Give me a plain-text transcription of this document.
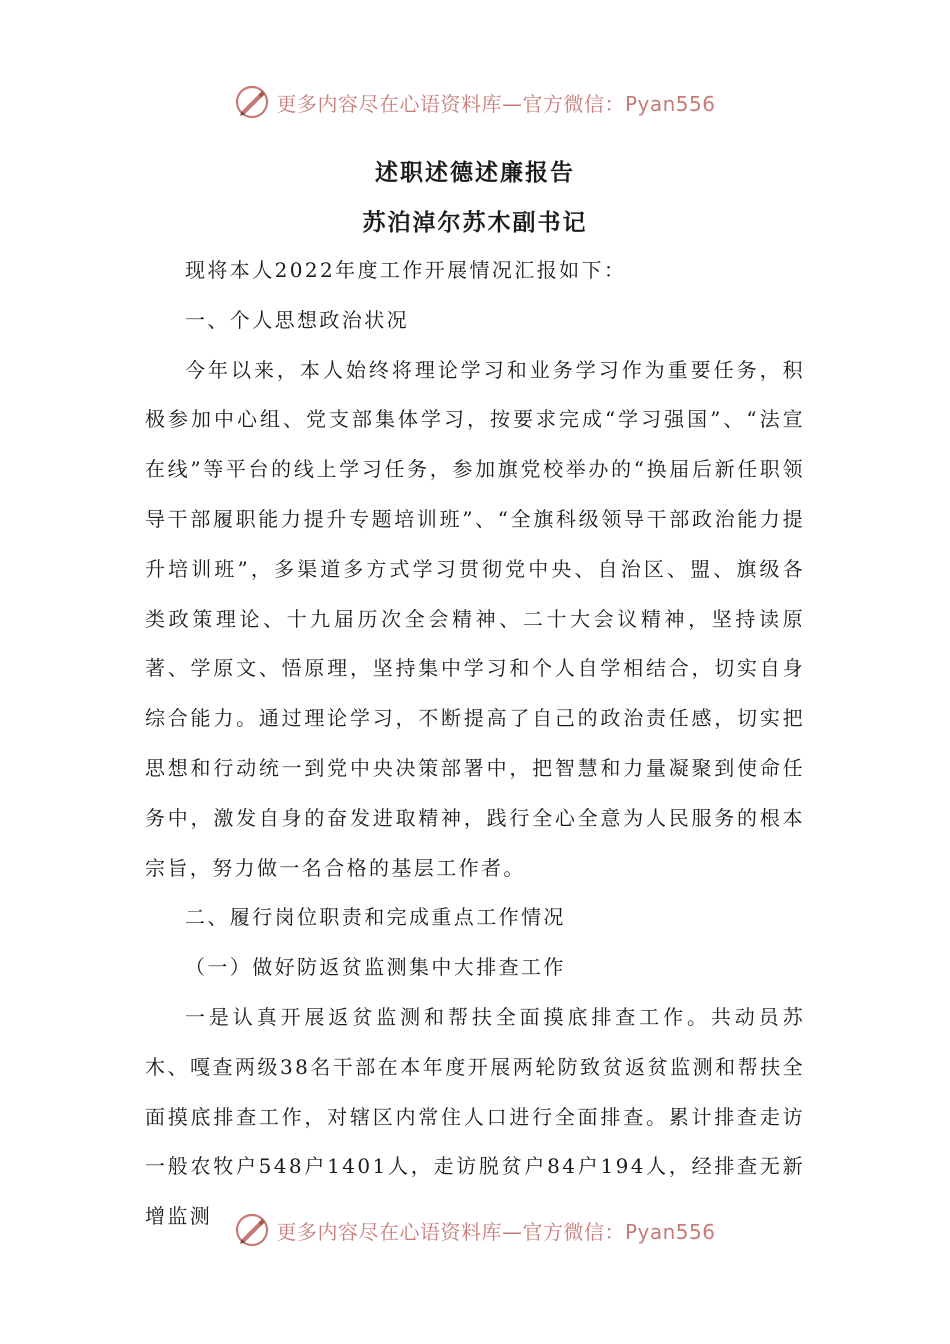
更多内容尽在心语资料库—官方微信：Pyan556
述职述德述廉报告
苏泊淖尔苏木副书记

现将本人2022年度工作开展情况汇报如下：

一、个人思想政治状况

今年以来，本人始终将理论学习和业务学习作为重要任务，积极参加中心组、党支部集体学习，按要求完成“学习强国”、“法宣在线”等平台的线上学习任务，参加旗党校举办的“换届后新任职领导干部履职能力提升专题培训班”、“全旗科级领导干部政治能力提升培训班”，多渠道多方式学习贯彻党中央、自治区、盟、旗级各类政策理论、十九届历次全会精神、二十大会议精神，坚持读原著、学原文、悟原理，坚持集中学习和个人自学相结合，切实自身综合能力。通过理论学习，不断提高了自己的政治责任感，切实把思想和行动统一到党中央决策部署中，把智慧和力量凝聚到使命任务中，激发自身的奋发进取精神，践行全心全意为人民服务的根本宗旨，努力做一名合格的基层工作者。

二、履行岗位职责和完成重点工作情况

（一）做好防返贫监测集中大排查工作

一是认真开展返贫监测和帮扶全面摸底排查工作。共动员苏木、嘎查两级38名干部在本年度开展两轮防致贫返贫监测和帮扶全面摸底排查工作，对辖区内常住人口进行全面排查。累计排查走访一般农牧户548户1401人，走访脱贫户84户194人，经排查无新增监测

更多内容尽在心语资料库—官方微信：Pyan556
